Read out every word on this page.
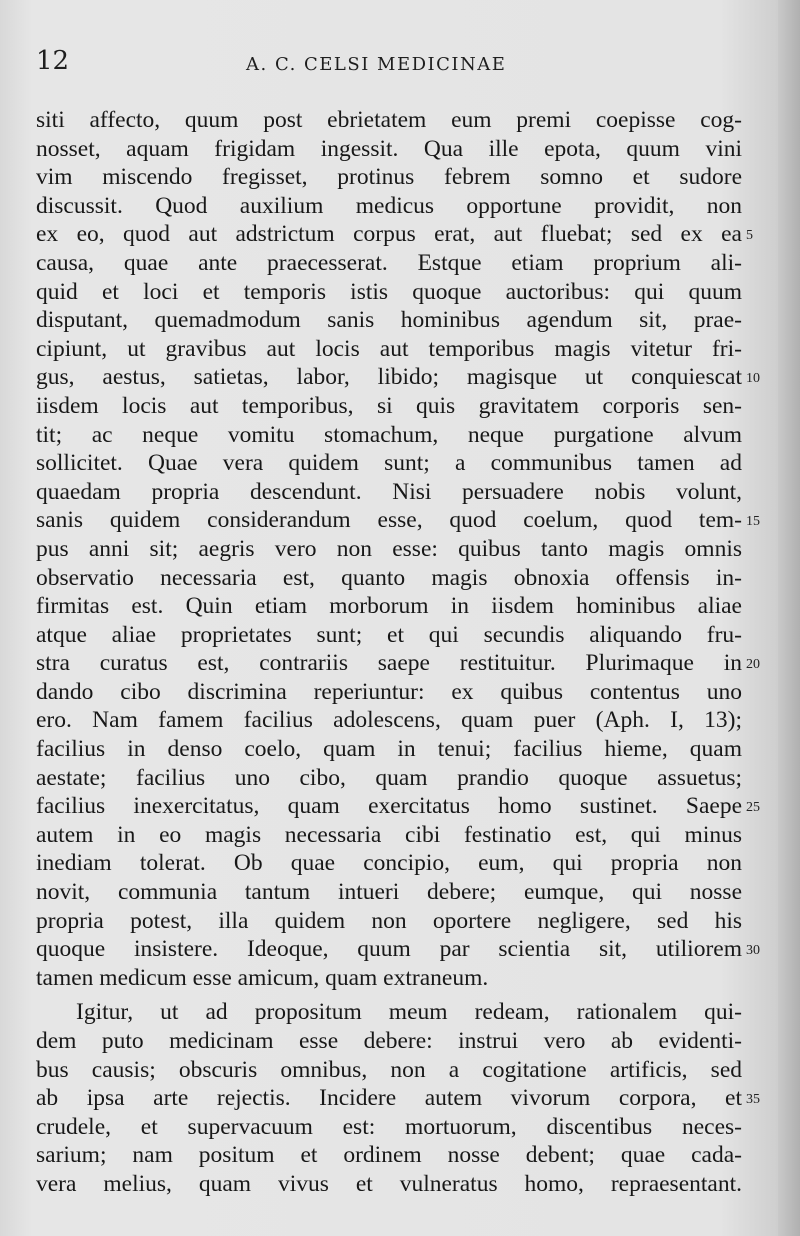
12	A. C. CELSI MEDICINAE
siti affecto, quum post ebrietatem eum premi coepisse cog-
nosset, aquam frigidam ingessit. Qua ille epota, quum vini
vim miscendo fregisset, protinus febrem somno et sudore
discussit. Quod auxilium medicus opportune providit, non
ex eo, quod aut adstrictum corpus erat, aut fluebat; sed ex ea 5
causa, quae ante praecesserat. Estque etiam proprium ali-
quid et loci et temporis istis quoque auctoribus: qui quum
disputant, quemadmodum sanis hominibus agendum sit, prae-
cipiunt, ut gravibus aut locis aut temporibus magis vitetur fri-
gus, aestus, satietas, labor, libido; magisque ut conquiescat 10
iisdem locis aut temporibus, si quis gravitatem corporis sen-
tit; ac neque vomitu stomachum, neque purgatione alvum
sollicitet. Quae vera quidem sunt; a communibus tamen ad
quaedam propria descendunt. Nisi persuadere nobis volunt,
sanis quidem considerandum esse, quod coelum, quod tem- 15
pus anni sit; aegris vero non esse: quibus tanto magis omnis
observatio necessaria est, quanto magis obnoxia offensis in-
firmitas est. Quin etiam morborum in iisdem hominibus aliae
atque aliae proprietates sunt; et qui secundis aliquando fru-
stra curatus est, contrariis saepe restituitur. Plurimaque in 20
dando cibo discrimina reperiuntur: ex quibus contentus uno
ero. Nam famem facilius adolescens, quam puer (Aph. I, 13);
facilius in denso coelo, quam in tenui; facilius hieme, quam
aestate; facilius uno cibo, quam prandio quoque assuetus;
facilius inexercitatus, quam exercitatus homo sustinet. Saepe 25
autem in eo magis necessaria cibi festinatio est, qui minus
inediam tolerat. Ob quae concipio, eum, qui propria non
novit, communia tantum intueri debere; eumque, qui nosse
propria potest, illa quidem non oportere negligere, sed his
quoque insistere. Ideoque, quum par scientia sit, utiliorem 30
tamen medicum esse amicum, quam extraneum.
Igitur, ut ad propositum meum redeam, rationalem qui-
dem puto medicinam esse debere: instrui vero ab evidenti-
bus causis; obscuris omnibus, non a cogitatione artificis, sed
ab ipsa arte rejectis. Incidere autem vivorum corpora, et 35
crudele, et supervacuum est: mortuorum, discentibus neces-
sarium; nam positum et ordinem nosse debent; quae cada-
vera melius, quam vivus et vulneratus homo, repraesentant.
